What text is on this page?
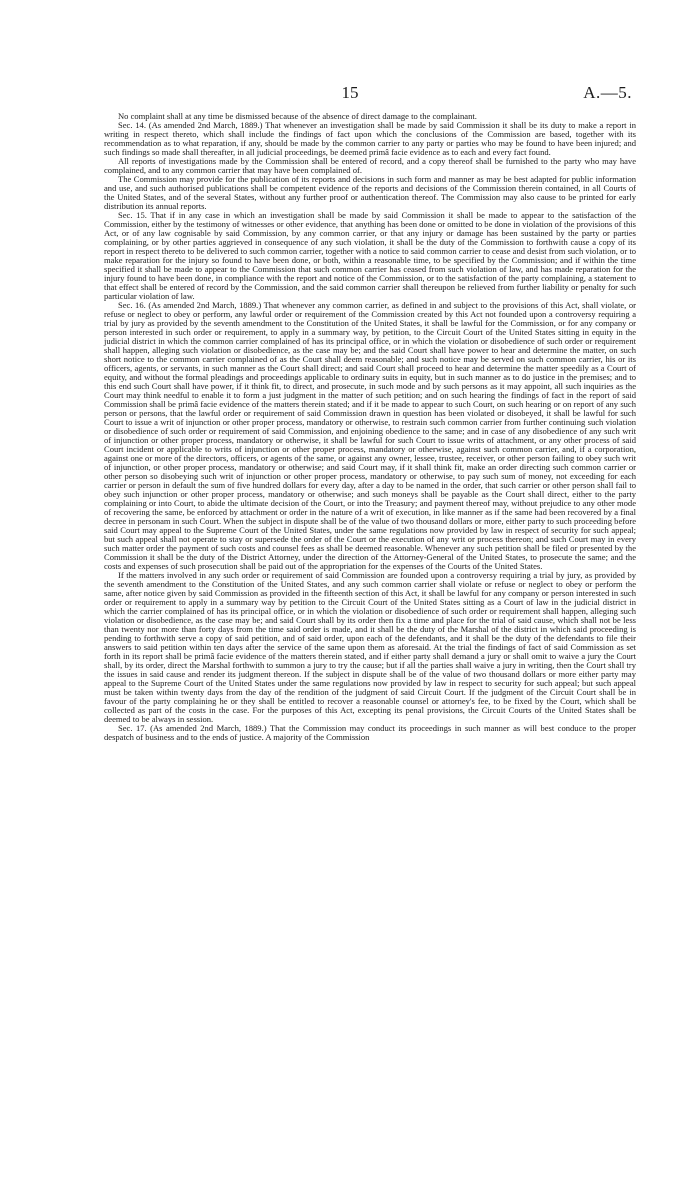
15	A.—5.

No complaint shall at any time be dismissed because of the absence of direct damage to the complainant.

Sec. 14. (As amended 2nd March, 1889.) That whenever an investigation shall be made by said Commission it shall be its duty to make a report in writing in respect thereto, which shall include the findings of fact upon which the conclusions of the Commission are based, together with its recommendation as to what reparation, if any, should be made by the common carrier to any party or parties who may be found to have been injured; and such findings so made shall thereafter, in all judicial proceedings, be deemed primâ facie evidence as to each and every fact found.

All reports of investigations made by the Commission shall be entered of record, and a copy thereof shall be furnished to the party who may have complained, and to any common carrier that may have been complained of.

The Commission may provide for the publication of its reports and decisions in such form and manner as may be best adapted for public information and use, and such authorised publications shall be competent evidence of the reports and decisions of the Commission therein contained, in all Courts of the United States, and of the several States, without any further proof or authentication thereof. The Commission may also cause to be printed for early distribution its annual reports.

Sec. 15. That if in any case in which an investigation shall be made by said Commission it shall be made to appear to the satisfaction of the Commission, either by the testimony of witnesses or other evidence, that anything has been done or omitted to be done in violation of the provisions of this Act, or of any law cognisable by said Commission, by any common carrier, or that any injury or damage has been sustained by the party or parties complaining, or by other parties aggrieved in consequence of any such violation, it shall be the duty of the Commission to forthwith cause a copy of its report in respect thereto to be delivered to such common carrier, together with a notice to said common carrier to cease and desist from such violation, or to make reparation for the injury so found to have been done, or both, within a reasonable time, to be specified by the Commission; and if within the time specified it shall be made to appear to the Commission that such common carrier has ceased from such violation of law, and has made reparation for the injury found to have been done, in compliance with the report and notice of the Commission, or to the satisfaction of the party complaining, a statement to that effect shall be entered of record by the Commission, and the said common carrier shall thereupon be relieved from further liability or penalty for such particular violation of law.

Sec. 16. (As amended 2nd March, 1889.) That whenever any common carrier, as defined in and subject to the provisions of this Act, shall violate, or refuse or neglect to obey or perform, any lawful order or requirement of the Commission created by this Act not founded upon a controversy requiring a trial by jury as provided by the seventh amendment to the Constitution of the United States, it shall be lawful for the Commission, or for any company or person interested in such order or requirement, to apply in a summary way, by petition, to the Circuit Court of the United States sitting in equity in the judicial district in which the common carrier complained of has its principal office, or in which the violation or disobedience of such order or requirement shall happen, alleging such violation or disobedience, as the case may be; and the said Court shall have power to hear and determine the matter, on such short notice to the common carrier complained of as the Court shall deem reasonable; and such notice may be served on such common carrier, his or its officers, agents, or servants, in such manner as the Court shall direct; and said Court shall proceed to hear and determine the matter speedily as a Court of equity, and without the formal pleadings and proceedings applicable to ordinary suits in equity, but in such manner as to do justice in the premises; and to this end such Court shall have power, if it think fit, to direct, and prosecute, in such mode and by such persons as it may appoint, all such inquiries as the Court may think needful to enable it to form a just judgment in the matter of such petition; and on such hearing the findings of fact in the report of said Commission shall be primâ facie evidence of the matters therein stated; and if it be made to appear to such Court, on such hearing or on report of any such person or persons, that the lawful order or requirement of said Commission drawn in question has been violated or disobeyed, it shall be lawful for such Court to issue a writ of injunction or other proper process, mandatory or otherwise, to restrain such common carrier from further continuing such violation or disobedience of such order or requirement of said Commission, and enjoining obedience to the same; and in case of any disobedience of any such writ of injunction or other proper process, mandatory or otherwise, it shall be lawful for such Court to issue writs of attachment, or any other process of said Court incident or applicable to writs of injunction or other proper process, mandatory or otherwise, against such common carrier, and, if a corporation, against one or more of the directors, officers, or agents of the same, or against any owner, lessee, trustee, receiver, or other person failing to obey such writ of injunction, or other proper process, mandatory or otherwise; and said Court may, if it shall think fit, make an order directing such common carrier or other person so disobeying such writ of injunction or other proper process, mandatory or otherwise, to pay such sum of money, not exceeding for each carrier or person in default the sum of five hundred dollars for every day, after a day to be named in the order, that such carrier or other person shall fail to obey such injunction or other proper process, mandatory or otherwise; and such moneys shall be payable as the Court shall direct, either to the party complaining or into Court, to abide the ultimate decision of the Court, or into the Treasury; and payment thereof may, without prejudice to any other mode of recovering the same, be enforced by attachment or order in the nature of a writ of execution, in like manner as if the same had been recovered by a final decree in personam in such Court. When the subject in dispute shall be of the value of two thousand dollars or more, either party to such proceeding before said Court may appeal to the Supreme Court of the United States, under the same regulations now provided by law in respect of security for such appeal; but such appeal shall not operate to stay or supersede the order of the Court or the execution of any writ or process thereon; and such Court may in every such matter order the payment of such costs and counsel fees as shall be deemed reasonable. Whenever any such petition shall be filed or presented by the Commission it shall be the duty of the District Attorney, under the direction of the Attorney-General of the United States, to prosecute the same; and the costs and expenses of such prosecution shall be paid out of the appropriation for the expenses of the Courts of the United States.

If the matters involved in any such order or requirement of said Commission are founded upon a controversy requiring a trial by jury, as provided by the seventh amendment to the Constitution of the United States, and any such common carrier shall violate or refuse or neglect to obey or perform the same, after notice given by said Commission as provided in the fifteenth section of this Act, it shall be lawful for any company or person interested in such order or requirement to apply in a summary way by petition to the Circuit Court of the United States sitting as a Court of law in the judicial district in which the carrier complained of has its principal office, or in which the violation or disobedience of such order or requirement shall happen, alleging such violation or disobedience, as the case may be; and said Court shall by its order then fix a time and place for the trial of said cause, which shall not be less than twenty nor more than forty days from the time said order is made, and it shall be the duty of the Marshal of the district in which said proceeding is pending to forthwith serve a copy of said petition, and of said order, upon each of the defendants, and it shall be the duty of the defendants to file their answers to said petition within ten days after the service of the same upon them as aforesaid. At the trial the findings of fact of said Commission as set forth in its report shall be primâ facie evidence of the matters therein stated, and if either party shall demand a jury or shall omit to waive a jury the Court shall, by its order, direct the Marshal forthwith to summon a jury to try the cause; but if all the parties shall waive a jury in writing, then the Court shall try the issues in said cause and render its judgment thereon. If the subject in dispute shall be of the value of two thousand dollars or more either party may appeal to the Supreme Court of the United States under the same regulations now provided by law in respect to security for such appeal; but such appeal must be taken within twenty days from the day of the rendition of the judgment of said Circuit Court. If the judgment of the Circuit Court shall be in favour of the party complaining he or they shall be entitled to recover a reasonable counsel or attorney's fee, to be fixed by the Court, which shall be collected as part of the costs in the case. For the purposes of this Act, excepting its penal provisions, the Circuit Courts of the United States shall be deemed to be always in session.

Sec. 17. (As amended 2nd March, 1889.) That the Commission may conduct its proceedings in such manner as will best conduce to the proper despatch of business and to the ends of justice. A majority of the Commission
